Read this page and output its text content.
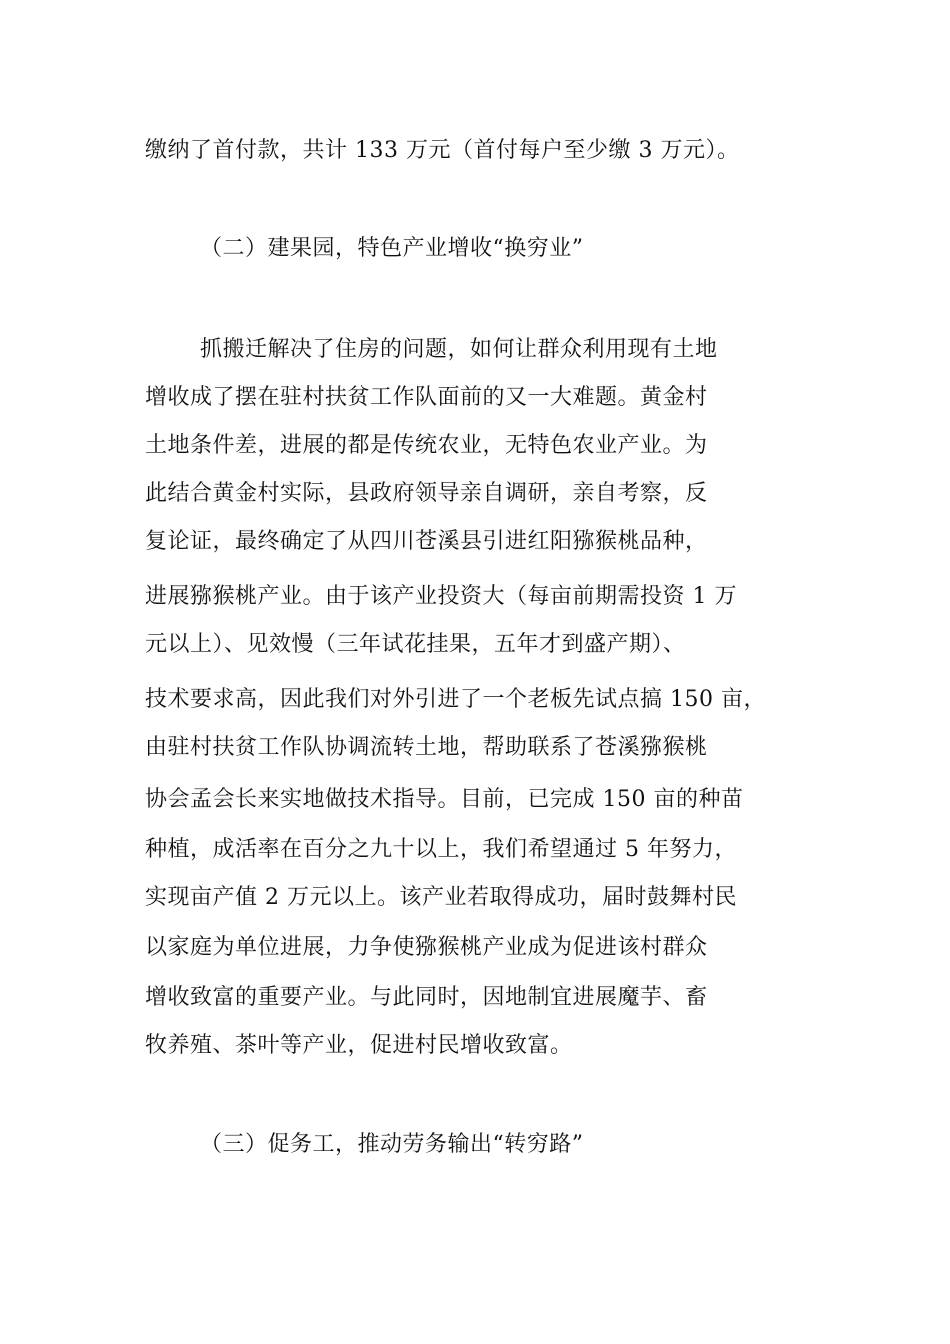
缴纳了首付款，共计 133 万元（首付每户至少缴 3 万元）。
（二）建果园，特色产业增收“换穷业”
抓搬迁解决了住房的问题，如何让群众利用现有土地
增收成了摆在驻村扶贫工作队面前的又一大难题。黄金村
土地条件差，进展的都是传统农业，无特色农业产业。为
此结合黄金村实际，县政府领导亲自调研，亲自考察，反
复论证，最终确定了从四川苍溪县引进红阳猕猴桃品种，
进展猕猴桃产业。由于该产业投资大（每亩前期需投资 1 万
元以上）、见效慢（三年试花挂果，五年才到盛产期）、
技术要求高，因此我们对外引进了一个老板先试点搞 150 亩，
由驻村扶贫工作队协调流转土地，帮助联系了苍溪猕猴桃
协会孟会长来实地做技术指导。目前，已完成 150 亩的种苗
种植，成活率在百分之九十以上，我们希望通过 5 年努力，
实现亩产值 2 万元以上。该产业若取得成功，届时鼓舞村民
以家庭为单位进展，力争使猕猴桃产业成为促进该村群众
增收致富的重要产业。与此同时，因地制宜进展魔芋、畜
牧养殖、茶叶等产业，促进村民增收致富。
（三）促务工，推动劳务输出“转穷路”
